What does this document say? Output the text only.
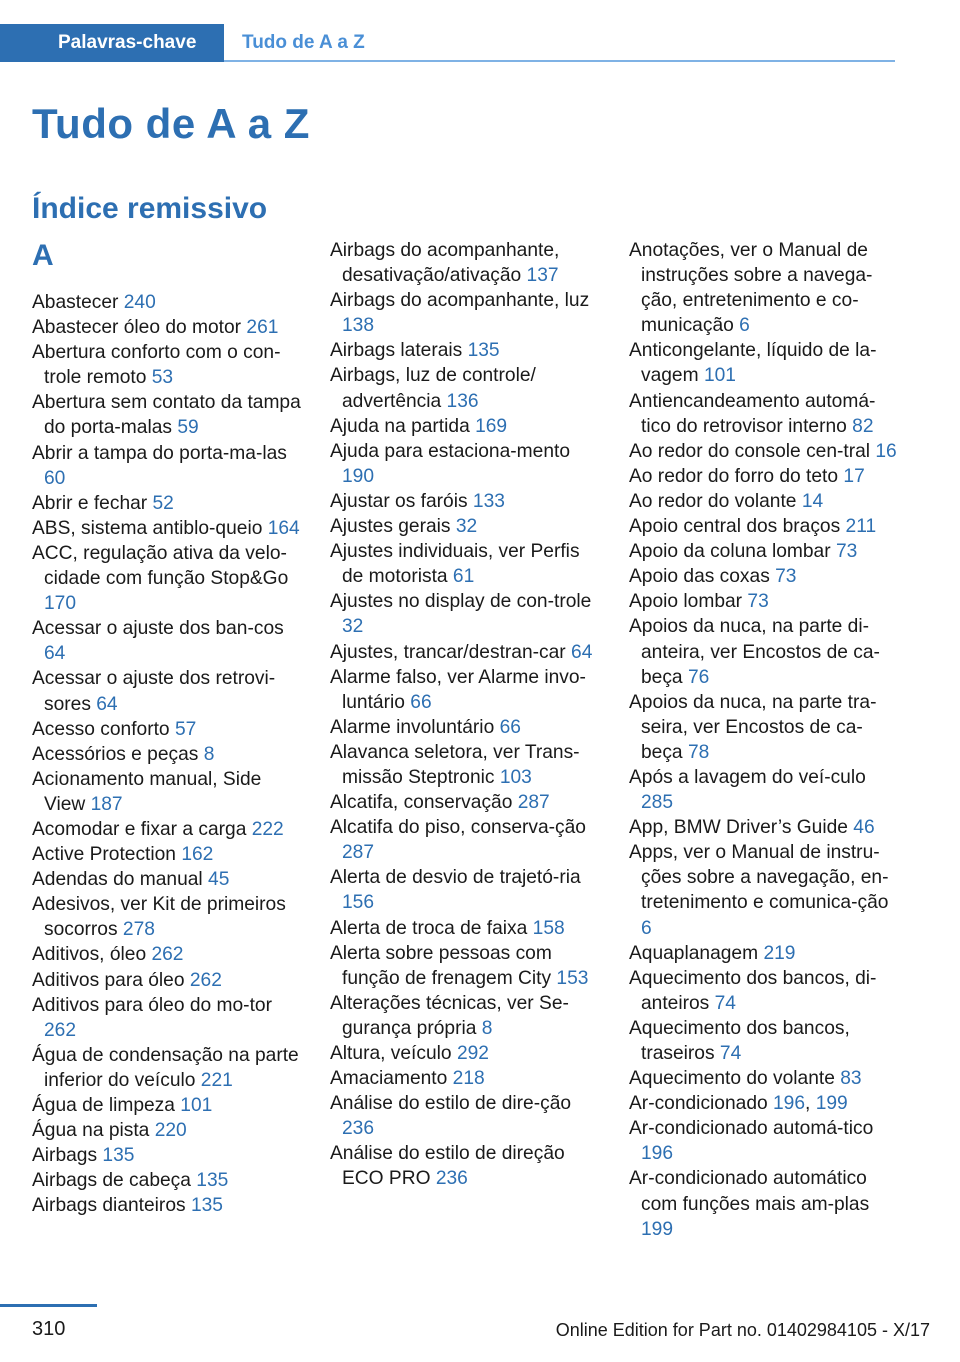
Palavras-chave	Tudo de A a Z
Tudo de A a Z
Índice remissivo
A
Abastecer 240
Abastecer óleo do motor 261
Abertura conforto com o con‐trole remoto 53
Abertura sem contato da tampa do porta-malas 59
Abrir a tampa do porta-ma‐las 60
Abrir e fechar 52
ABS, sistema antiblo‐queio 164
ACC, regulação ativa da velo‐cidade com função Stop&Go 170
Acessar o ajuste dos ban‐cos 64
Acessar o ajuste dos retrovi‐sores 64
Acesso conforto 57
Acessórios e peças 8
Acionamento manual, Side View 187
Acomodar e fixar a carga 222
Active Protection 162
Adendas do manual 45
Adesivos, ver Kit de primeiros socorros 278
Aditivos, óleo 262
Aditivos para óleo 262
Aditivos para óleo do mo‐tor 262
Água de condensação na parte inferior do veículo 221
Água de limpeza 101
Água na pista 220
Airbags 135
Airbags de cabeça 135
Airbags dianteiros 135
Airbags do acompanhante, desativação/ativação 137
Airbags do acompanhante, luz 138
Airbags laterais 135
Airbags, luz de controle/ advertência 136
Ajuda na partida 169
Ajuda para estaciona‐mento 190
Ajustar os faróis 133
Ajustes gerais 32
Ajustes individuais, ver Perfis de motorista 61
Ajustes no display de con‐trole 32
Ajustes, trancar/destran‐car 64
Alarme falso, ver Alarme invo‐luntário 66
Alarme involuntário 66
Alavanca seletora, ver Trans‐missão Steptronic 103
Alcatifa, conservação 287
Alcatifa do piso, conserva‐ção 287
Alerta de desvio de trajetó‐ria 156
Alerta de troca de faixa 158
Alerta sobre pessoas com função de frenagem City 153
Alterações técnicas, ver Se‐gurança própria 8
Altura, veículo 292
Amaciamento 218
Análise do estilo de dire‐ção 236
Análise do estilo de direção ECO PRO 236
Anotações, ver o Manual de instruções sobre a navega‐ção, entretenimento e co‐municação 6
Anticongelante, líquido de la‐vagem 101
Antiencandeamento automá‐tico do retrovisor interno 82
Ao redor do console cen‐tral 16
Ao redor do forro do teto 17
Ao redor do volante 14
Apoio central dos braços 211
Apoio da coluna lombar 73
Apoio das coxas 73
Apoio lombar 73
Apoios da nuca, na parte di‐anteira, ver Encostos de ca‐beça 76
Apoios da nuca, na parte tra‐seira, ver Encostos de ca‐beça 78
Após a lavagem do veí‐culo 285
App, BMW Driver’s Guide 46
Apps, ver o Manual de instru‐ções sobre a navegação, en‐tretenimento e comunica‐ção 6
Aquaplanagem 219
Aquecimento dos bancos, di‐anteiros 74
Aquecimento dos bancos, traseiros 74
Aquecimento do volante 83
Ar-condicionado 196, 199
Ar-condicionado automá‐tico 196
Ar-condicionado automático com funções mais am‐plas 199
310	Online Edition for Part no. 01402984105 - X/17
